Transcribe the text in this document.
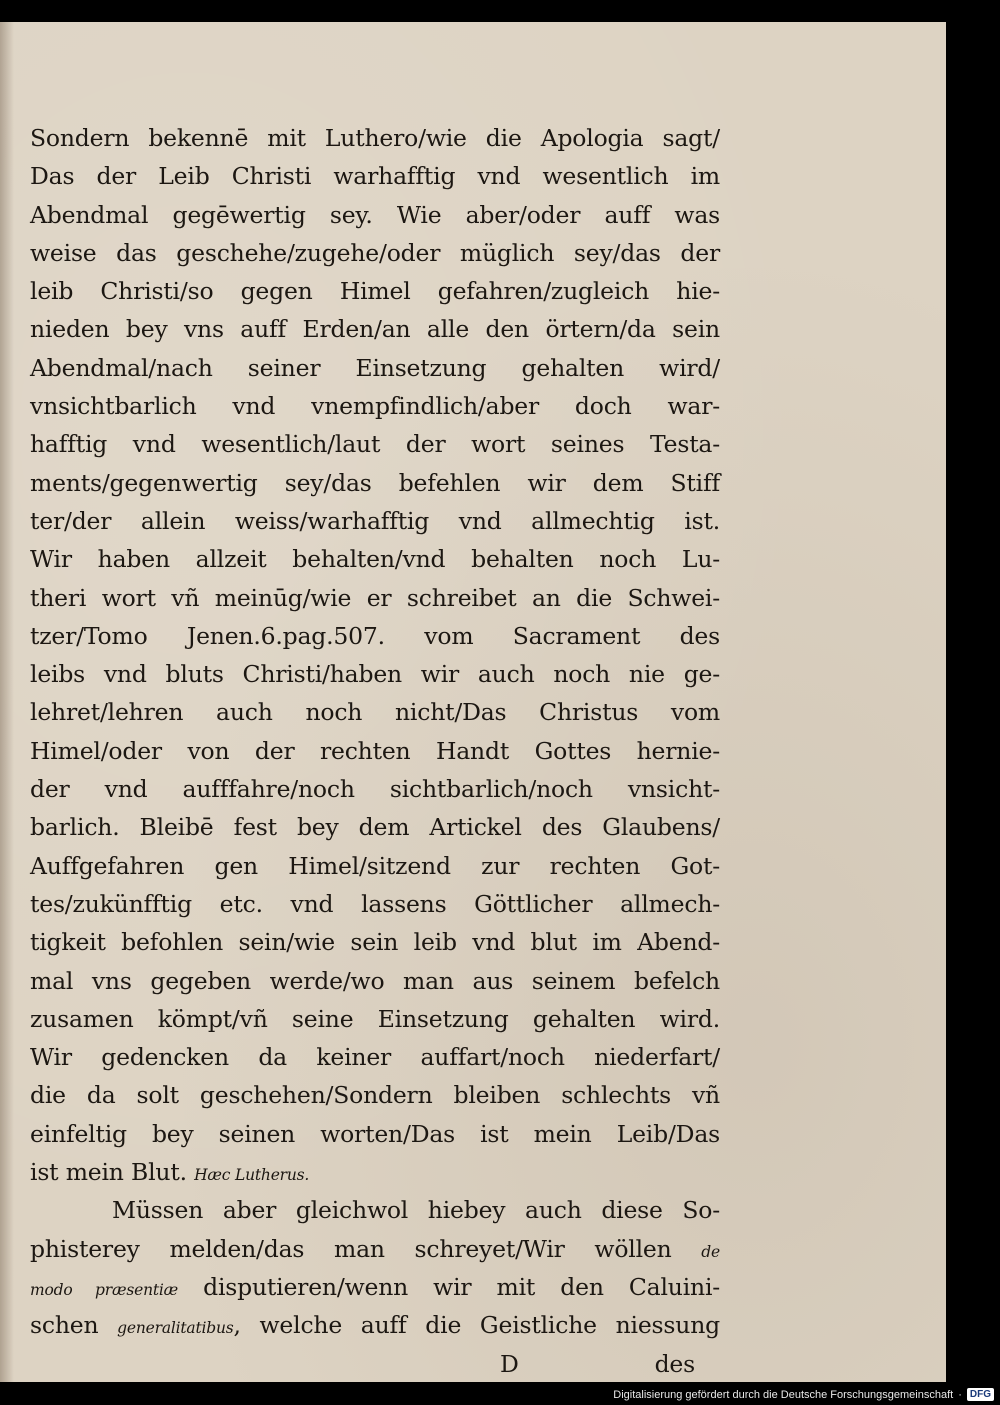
Sondern bekennē mit Luthero/wie die Apologia sagt/
Das der Leib Christi warhafftig vnd wesentlich im
Abendmal gegēwertig sey. Wie aber/oder auff was
weise das geschehe/zugehe/oder müglich sey/das der
leib Christi/so gegen Himel gefahren/zugleich hie-
nieden bey vns auff Erden/an alle den örtern/da sein
Abendmal/nach seiner Einsetzung gehalten wird/
vnsichtbarlich vnd vnempfindlich/aber doch war-
hafftig vnd wesentlich/laut der wort seines Testa-
ments/gegenwertig sey/das befehlen wir dem Stiff
ter/der allein weiss/warhafftig vnd allmechtig ist.
Wir haben allzeit behalten/vnd behalten noch Lu-
theri wort vñ meinūg/wie er schreibet an die Schwei-
tzer/Tomo Jenen.6.pag.507. vom Sacrament des
leibs vnd bluts Christi/haben wir auch noch nie ge-
lehret/lehren auch noch nicht/Das Christus vom
Himel/oder von der rechten Handt Gottes hernie-
der vnd aufffahre/noch sichtbarlich/noch vnsicht-
barlich. Bleibē fest bey dem Artickel des Glaubens/
Auffgefahren gen Himel/sitzend zur rechten Got-
tes/zukünfftig etc. vnd lassens Göttlicher allmech-
tigkeit befohlen sein/wie sein leib vnd blut im Abend-
mal vns gegeben werde/wo man aus seinem befelch
zusamen kömpt/vñ seine Einsetzung gehalten wird.
Wir gedencken da keiner auffart/noch niederfart/
die da solt geschehen/Sondern bleiben schlechts vñ
einfeltig bey seinen worten/Das ist mein Leib/Das
ist mein Blut. Hæc Lutherus.
Müssen aber gleichwol hiebey auch diese So-
phisterey melden/das man schreyet/Wir wöllen de
modo præsentiæ disputieren/wenn wir mit den Caluini-
schen generalitatibus, welche auff die Geistliche niessung
D	des
Digitalisierung gefördert durch die Deutsche Forschungsgemeinschaft · DFG
